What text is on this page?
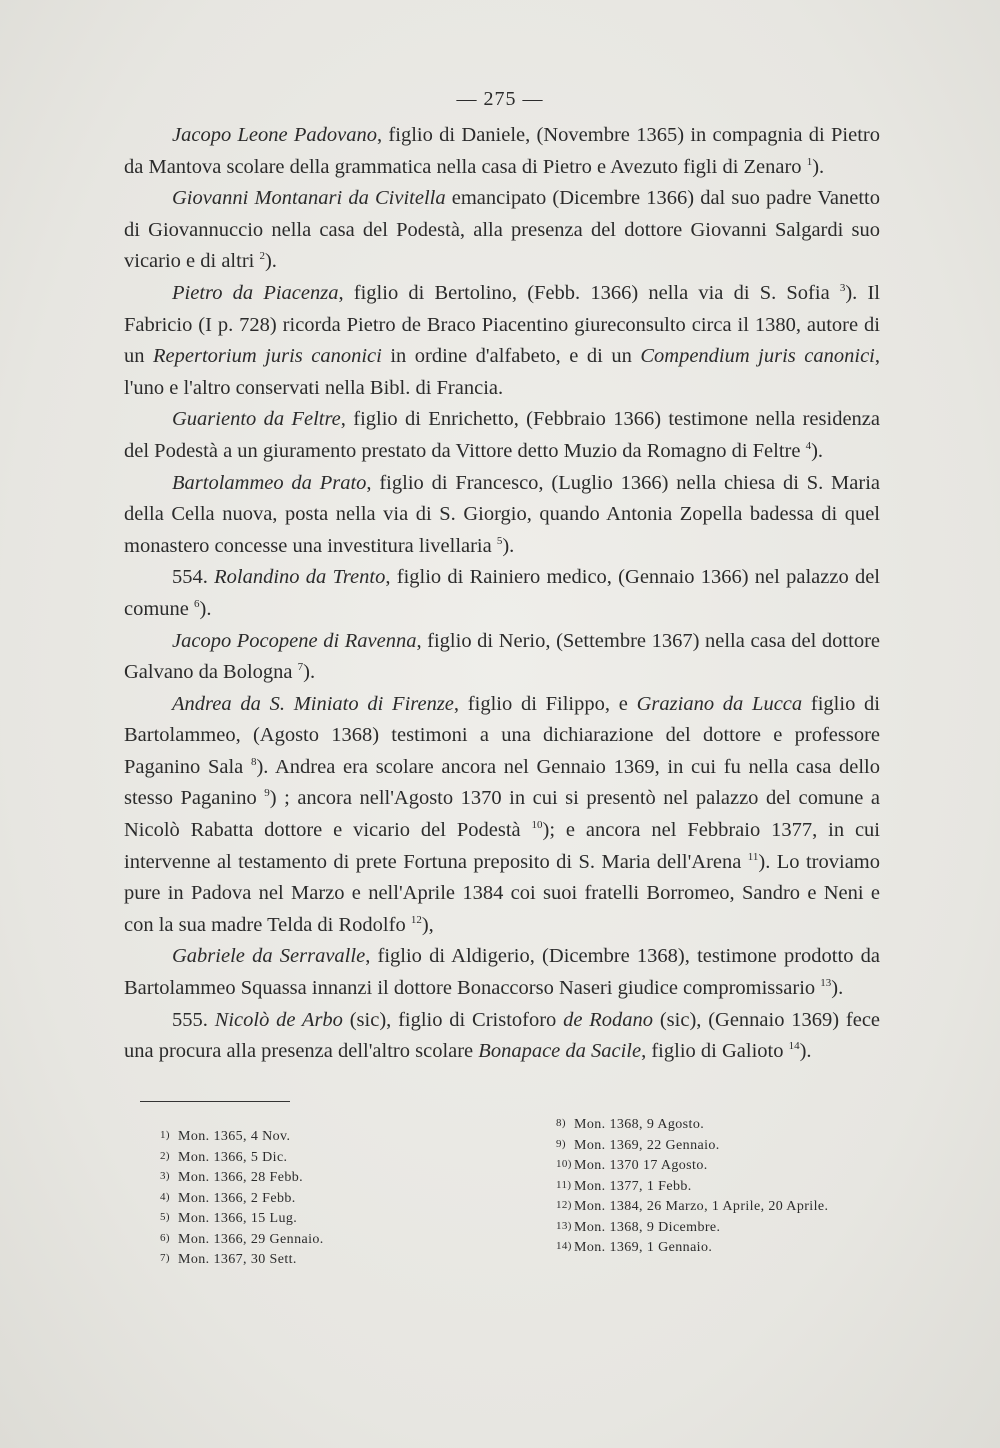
— 275 —

Jacopo Leone Padovano, figlio di Daniele, (Novembre 1365) in compagnia di Pietro da Mantova scolare della grammatica nella casa di Pietro e Avezuto figli di Zenaro $^1$).

Giovanni Montanari da Civitella emancipato (Dicembre 1366) dal suo padre Vanetto di Giovannuccio nella casa del Podestà, alla presenza del dottore Giovanni Salgardi suo vicario e di altri $^2$).

Pietro da Piacenza, figlio di Bertolino, (Febb. 1366) nella via di S. Sofia $^3$). Il Fabricio (I p. 728) ricorda Pietro de Braco Piacentino giureconsulto circa il 1380, autore di un Repertorium juris canonici in ordine d'alfabeto, e di un Compendium juris canonici, l'uno e l'altro conservati nella Bibl. di Francia.

Guariento da Feltre, figlio di Enrichetto, (Febbraio 1366) testimone nella residenza del Podestà a un giuramento prestato da Vittore detto Muzio da Romagno di Feltre $^4$).

Bartolammeo da Prato, figlio di Francesco, (Luglio 1366) nella chiesa di S. Maria della Cella nuova, posta nella via di S. Giorgio, quando Antonia Zopella badessa di quel monastero concesse una investitura livellaria $^5$).

554. Rolandino da Trento, figlio di Rainiero medico, (Gennaio 1366) nel palazzo del comune $^6$).

Jacopo Pocopene di Ravenna, figlio di Nerio, (Settembre 1367) nella casa del dottore Galvano da Bologna $^7$).

Andrea da S. Miniato di Firenze, figlio di Filippo, e Graziano da Lucca figlio di Bartolammeo, (Agosto 1368) testimoni a una dichiarazione del dottore e professore Paganino Sala $^8$). Andrea era scolare ancora nel Gennaio 1369, in cui fu nella casa dello stesso Paganino $^9$) ; ancora nell'Agosto 1370 in cui si presentò nel palazzo del comune a Nicolò Rabatta dottore e vicario del Podestà $^{10}$); e ancora nel Febbraio 1377, in cui intervenne al testamento di prete Fortuna preposito di S. Maria dell'Arena $^{11}$). Lo troviamo pure in Padova nel Marzo e nell'Aprile 1384 coi suoi fratelli Borromeo, Sandro e Neni e con la sua madre Telda di Rodolfo $^{12}$),

Gabriele da Serravalle, figlio di Aldigerio, (Dicembre 1368), testimone prodotto da Bartolammeo Squassa innanzi il dottore Bonaccorso Naseri giudice compromissario $^{13}$).

555. Nicolò de Arbo (sic), figlio di Cristoforo de Rodano (sic), (Gennaio 1369) fece una procura alla presenza dell'altro scolare Bonapace da Sacile, figlio di Galioto $^{14}$).

1) Mon. 1365, 4 Nov.
2) Mon. 1366, 5 Dic.
3) Mon. 1366, 28 Febb.
4) Mon. 1366, 2 Febb.
5) Mon. 1366, 15 Lug.
6) Mon. 1366, 29 Gennaio.
7) Mon. 1367, 30 Sett.
8) Mon. 1368, 9 Agosto.
9) Mon. 1369, 22 Gennaio.
10) Mon. 1370 17 Agosto.
11) Mon. 1377, 1 Febb.
12) Mon. 1384, 26 Marzo, 1 Aprile, 20 Aprile.
13) Mon. 1368, 9 Dicembre.
14) Mon. 1369, 1 Gennaio.
